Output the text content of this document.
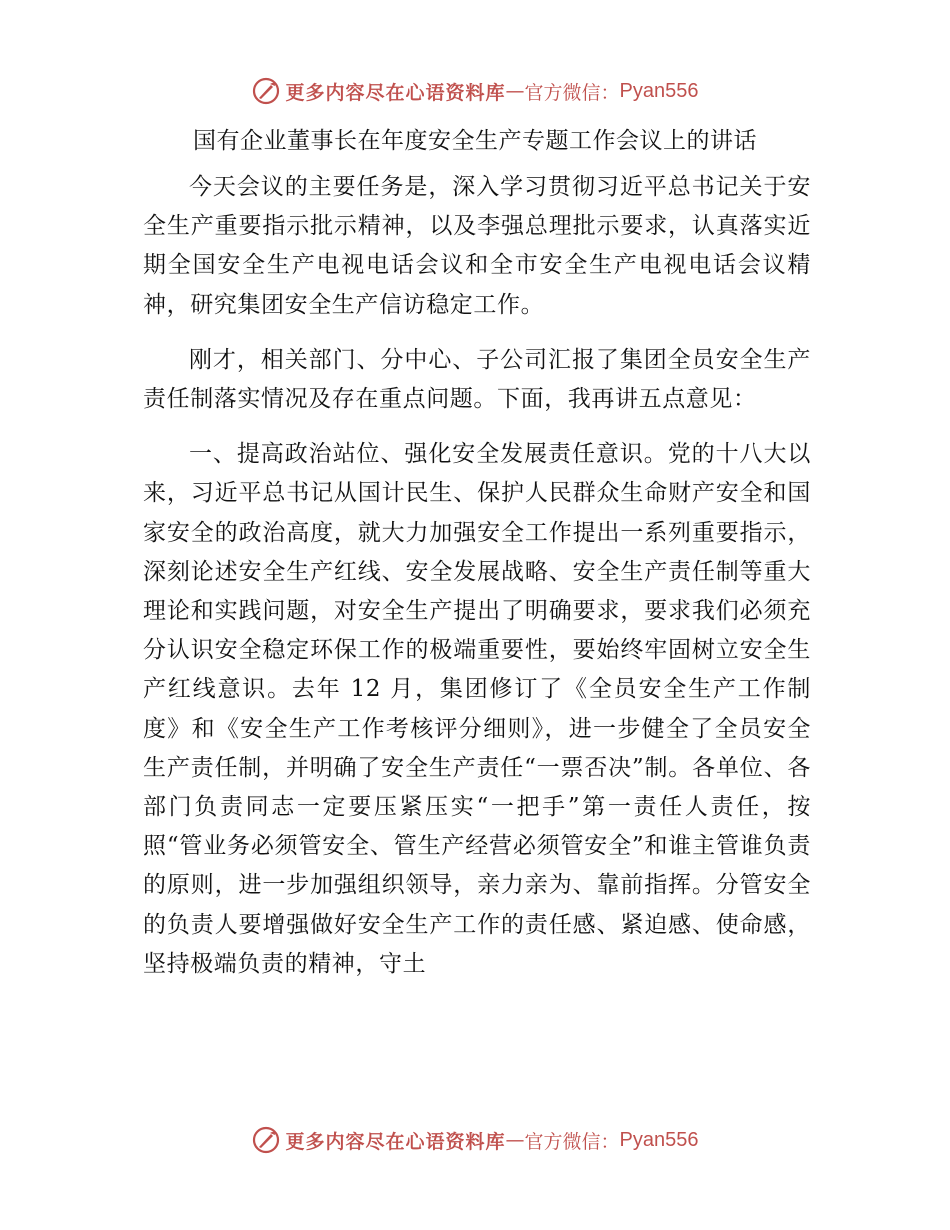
更多内容尽在心语资料库 — 官方微信： Pyan556
国有企业董事长在年度安全生产专题工作会议上的讲话

今天会议的主要任务是，深入学习贯彻习近平总书记关于安全生产重要指示批示精神，以及李强总理批示要求，认真落实近期全国安全生产电视电话会议和全市安全生产电视电话会议精神，研究集团安全生产信访稳定工作。

刚才，相关部门、分中心、子公司汇报了集团全员安全生产责任制落实情况及存在重点问题。下面，我再讲五点意见：

一、提高政治站位、强化安全发展责任意识。党的十八大以来，习近平总书记从国计民生、保护人民群众生命财产安全和国家安全的政治高度，就大力加强安全工作提出一系列重要指示，深刻论述安全生产红线、安全发展战略、安全生产责任制等重大理论和实践问题，对安全生产提出了明确要求，要求我们必须充分认识安全稳定环保工作的极端重要性，要始终牢固树立安全生产红线意识。去年 12 月，集团修订了《全员安全生产工作制度》和《安全生产工作考核评分细则》，进一步健全了全员安全生产责任制，并明确了安全生产责任“一票否决”制。各单位、各部门负责同志一定要压紧压实“一把手”第一责任人责任，按照“管业务必须管安全、管生产经营必须管安全”和谁主管谁负责的原则，进一步加强组织领导，亲力亲为、靠前指挥。分管安全的负责人要增强做好安全生产工作的责任感、紧迫感、使命感，坚持极端负责的精神，守土

更多内容尽在心语资料库 — 官方微信： Pyan556
